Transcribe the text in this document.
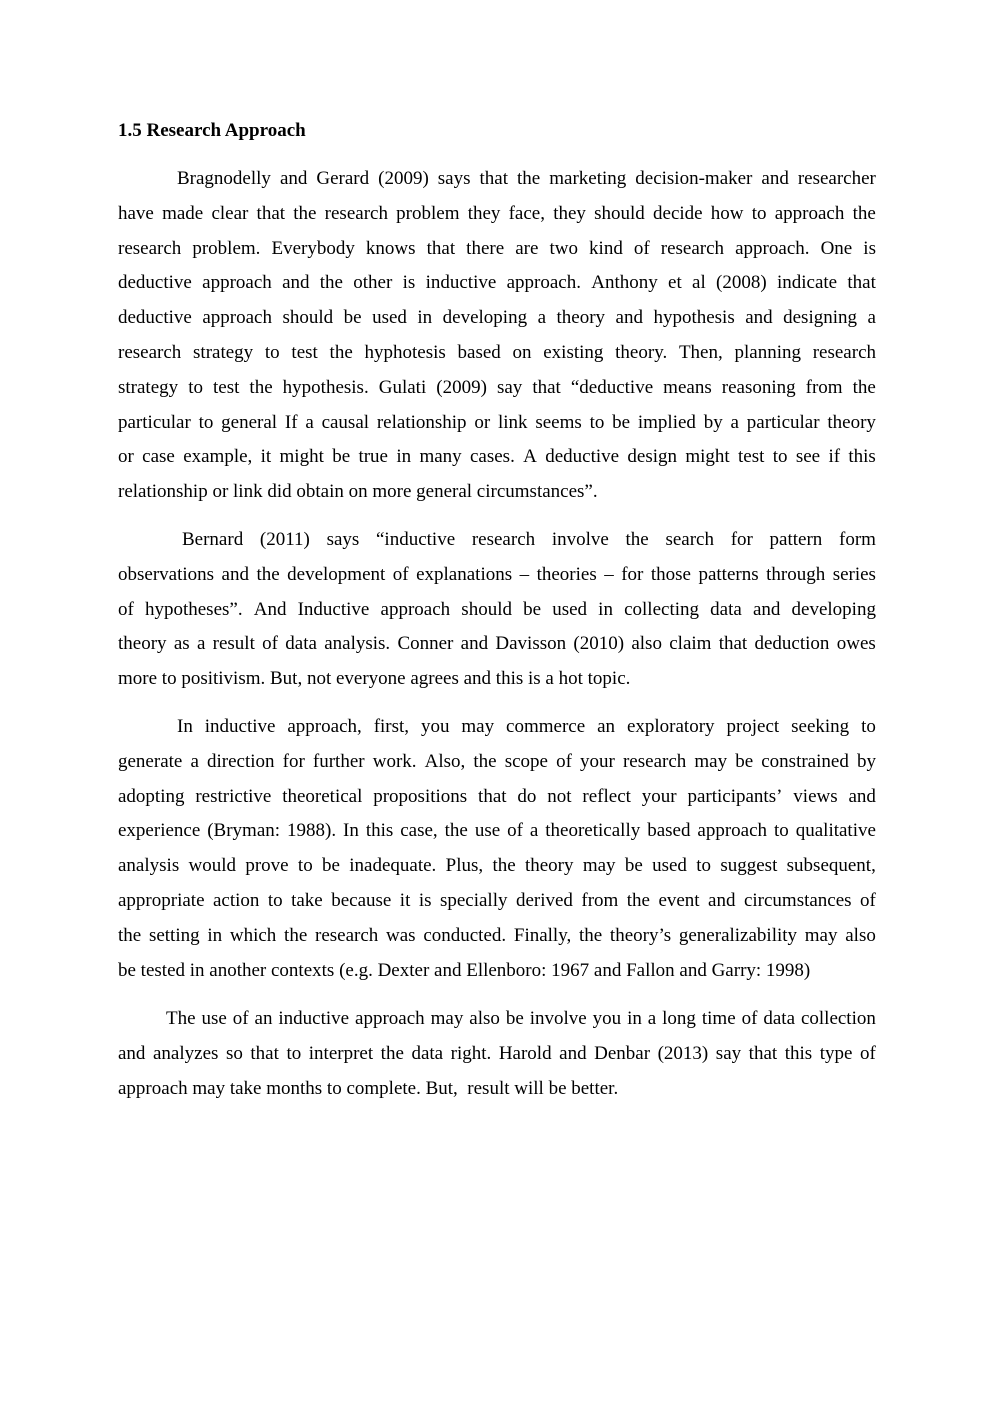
1.5 Research Approach
Bragnodelly and Gerard (2009) says that the marketing decision-maker and researcher
have made clear that the research problem they face, they should decide how to approach the
research problem. Everybody knows that there are two kind of research approach. One is
deductive approach and the other is inductive approach. Anthony et al (2008) indicate that
deductive approach should be used in developing a theory and hypothesis and designing a
research strategy to test the hyphotesis based on existing theory. Then, planning research
strategy to test the hypothesis. Gulati (2009) say that “deductive means reasoning from the
particular to general If a causal relationship or link seems to be implied by a particular theory
or case example, it might be true in many cases. A deductive design might test to see if this
relationship or link did obtain on more general circumstances”.
Bernard (2011) says “inductive research involve the search for pattern form
observations and the development of explanations – theories – for those patterns through series
of hypotheses”. And Inductive approach should be used in collecting data and developing
theory as a result of data analysis. Conner and Davisson (2010) also claim that deduction owes
more to positivism. But, not everyone agrees and this is a hot topic.
In inductive approach, first, you may commerce an exploratory project seeking to
generate a direction for further work. Also, the scope of your research may be constrained by
adopting restrictive theoretical propositions that do not reflect your participants’ views and
experience (Bryman: 1988). In this case, the use of a theoretically based approach to qualitative
analysis would prove to be inadequate. Plus, the theory may be used to suggest subsequent,
appropriate action to take because it is specially derived from the event and circumstances of
the setting in which the research was conducted. Finally, the theory’s generalizability may also
be tested in another contexts (e.g. Dexter and Ellenboro: 1967 and Fallon and Garry: 1998)
The use of an inductive approach may also be involve you in a long time of data collection
and analyzes so that to interpret the data right. Harold and Denbar (2013) say that this type of
approach may take months to complete. But,  result will be better.
